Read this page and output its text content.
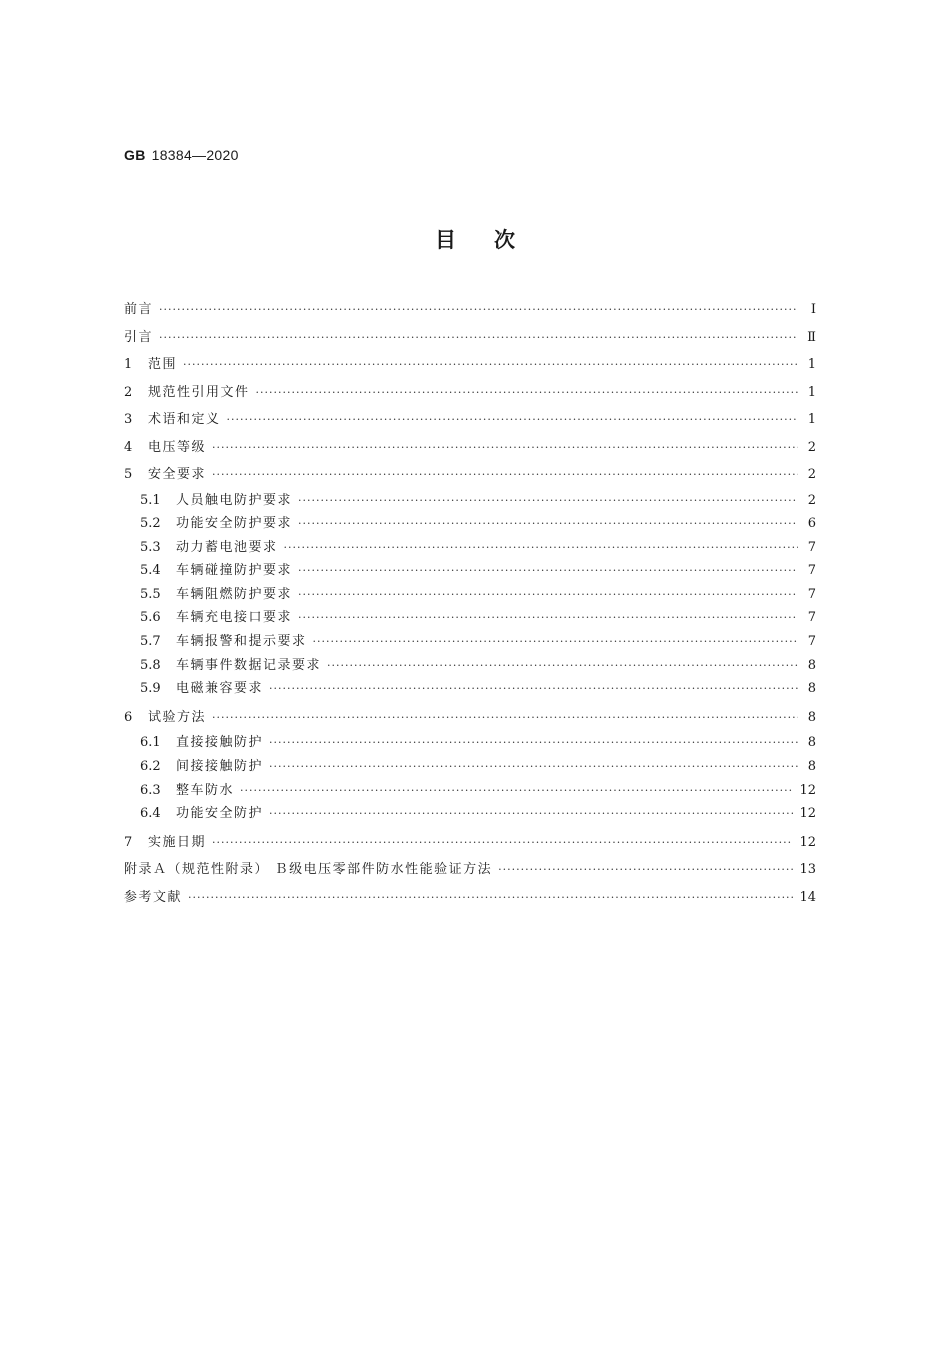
GB 18384—2020
目次
前言 ·····	Ⅰ
引言 ·····	Ⅱ
1	范围 ·····	1
2	规范性引用文件 ·····	1
3	术语和定义 ·····	1
4	电压等级 ·····	2
5	安全要求 ·····	2
5.1	人员触电防护要求 ·····	2
5.2	功能安全防护要求 ·····	6
5.3	动力蓄电池要求 ·····	7
5.4	车辆碰撞防护要求 ·····	7
5.5	车辆阻燃防护要求 ·····	7
5.6	车辆充电接口要求 ·····	7
5.7	车辆报警和提示要求 ·····	7
5.8	车辆事件数据记录要求 ·····	8
5.9	电磁兼容要求 ·····	8
6	试验方法 ·····	8
6.1	直接接触防护 ·····	8
6.2	间接接触防护 ·····	8
6.3	整车防水 ·····	12
6.4	功能安全防护 ·····	12
7	实施日期 ·····	12
附录Ａ（规范性附录） Ｂ级电压零部件防水性能验证方法 ·····	13
参考文献 ·····	14
